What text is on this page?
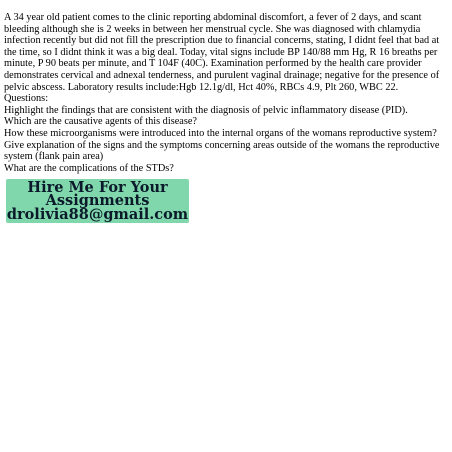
A 34 year old patient comes to the clinic reporting abdominal discomfort, a fever of 2 days, and scant bleeding although she is 2 weeks in between her menstrual cycle. She was diagnosed with chlamydia infection recently but did not fill the prescription due to financial concerns, stating, I didnt feel that bad at the time, so I didnt think it was a big deal. Today, vital signs include BP 140/88 mm Hg, R 16 breaths per minute, P 90 beats per minute, and T 104F (40C). Examination performed by the health care provider demonstrates cervical and adnexal tenderness, and purulent vaginal drainage; negative for the presence of pelvic abscess. Laboratory results include:Hgb 12.1g/dl, Hct 40%, RBCs 4.9, Plt 260, WBC 22.

Questions:

Highlight the findings that are consistent with the diagnosis of pelvic inflammatory disease (PID).

Which are the causative agents of this disease?

How these microorganisms were introduced into the internal organs of the womans reproductive system?

Give explanation of the signs and the symptoms concerning areas outside of the womans the reproductive system (flank pain area)

What are the complications of the STDs?

Hire Me For Your
Assignments
drolivia88@gmail.com
